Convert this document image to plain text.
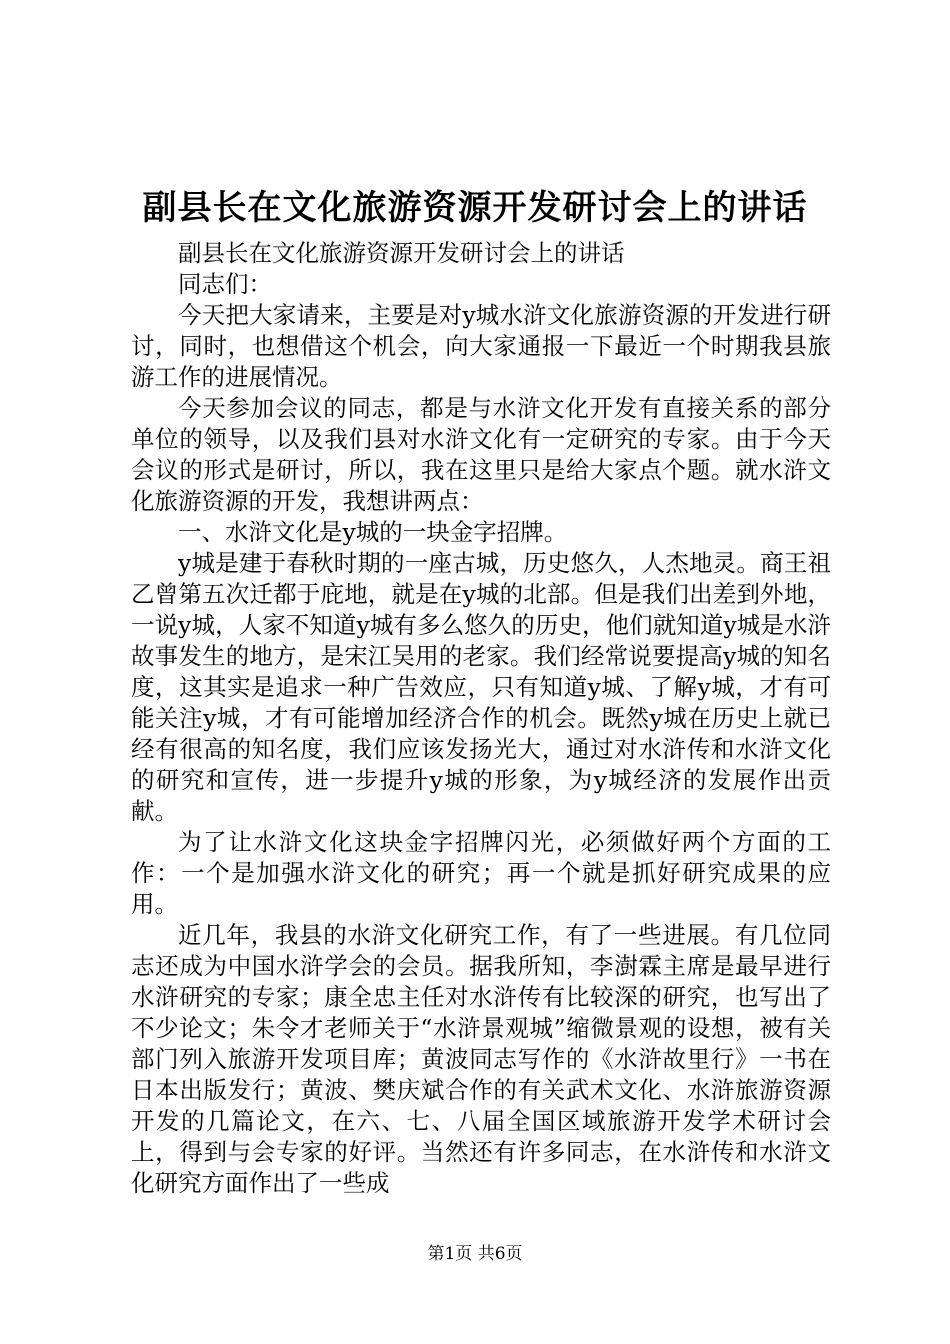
副县长在文化旅游资源开发研讨会上的讲话

副县长在文化旅游资源开发研讨会上的讲话

同志们：

今天把大家请来，主要是对y城水浒文化旅游资源的开发进行研讨，同时，也想借这个机会，向大家通报一下最近一个时期我县旅游工作的进展情况。

今天参加会议的同志，都是与水浒文化开发有直接关系的部分单位的领导，以及我们县对水浒文化有一定研究的专家。由于今天会议的形式是研讨，所以，我在这里只是给大家点个题。就水浒文化旅游资源的开发，我想讲两点：

一、水浒文化是y城的一块金字招牌。

y城是建于春秋时期的一座古城，历史悠久，人杰地灵。商王祖乙曾第五次迁都于庇地，就是在y城的北部。但是我们出差到外地，一说y城，人家不知道y城有多么悠久的历史，他们就知道y城是水浒故事发生的地方，是宋江吴用的老家。我们经常说要提高y城的知名度，这其实是追求一种广告效应，只有知道y城、了解y城，才有可能关注y城，才有可能增加经济合作的机会。既然y城在历史上就已经有很高的知名度，我们应该发扬光大，通过对水浒传和水浒文化的研究和宣传，进一步提升y城的形象，为y城经济的发展作出贡献。

为了让水浒文化这块金字招牌闪光，必须做好两个方面的工作：一个是加强水浒文化的研究；再一个就是抓好研究成果的应用。

近几年，我县的水浒文化研究工作，有了一些进展。有几位同志还成为中国水浒学会的会员。据我所知，李澍霖主席是最早进行水浒研究的专家；康全忠主任对水浒传有比较深的研究，也写出了不少论文；朱令才老师关于“水浒景观城”缩微景观的设想，被有关部门列入旅游开发项目库；黄波同志写作的《水浒故里行》一书在日本出版发行；黄波、樊庆斌合作的有关武术文化、水浒旅游资源开发的几篇论文，在六、七、八届全国区域旅游开发学术研讨会上，得到与会专家的好评。当然还有许多同志，在水浒传和水浒文化研究方面作出了一些成

第1页 共6页
